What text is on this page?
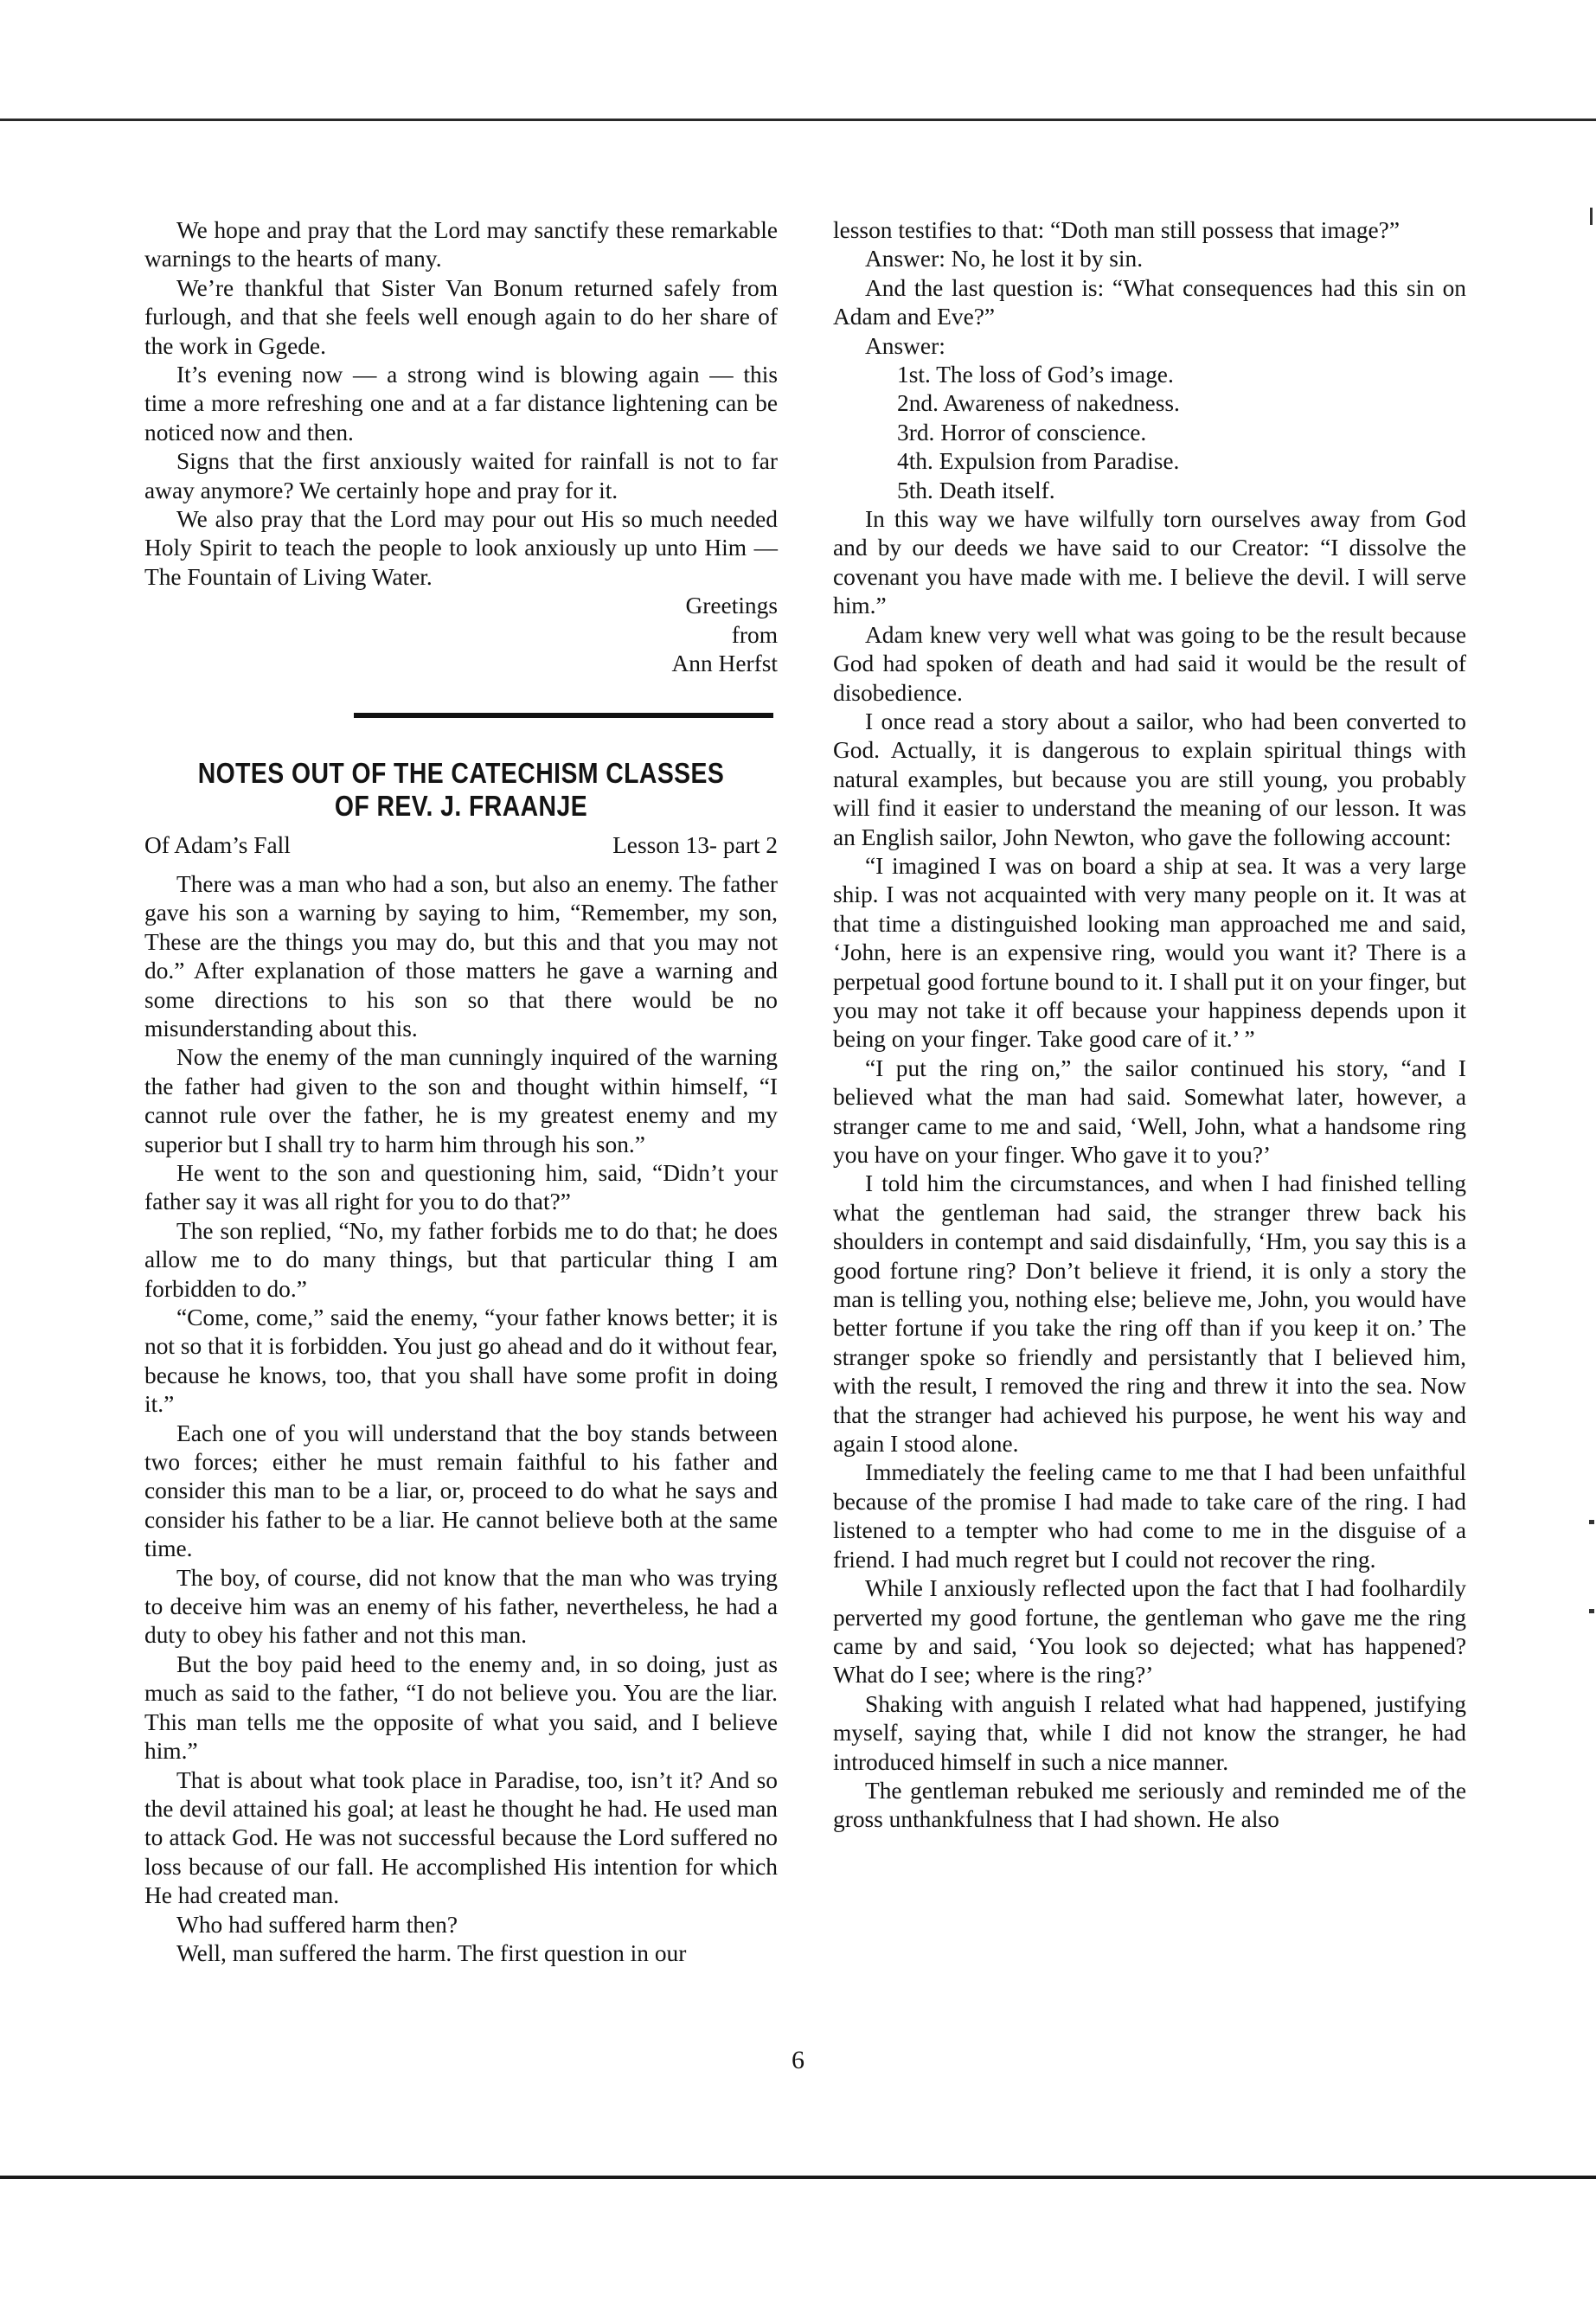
We hope and pray that the Lord may sanctify these remarkable warnings to the hearts of many.

We’re thankful that Sister Van Bonum returned safely from furlough, and that she feels well enough again to do her share of the work in Ggede.

It’s evening now — a strong wind is blowing again — this time a more refreshing one and at a far distance lightening can be noticed now and then.

Signs that the first anxiously waited for rainfall is not to far away anymore? We certainly hope and pray for it.

We also pray that the Lord may pour out His so much needed Holy Spirit to teach the people to look anxiously up unto Him — The Fountain of Living Water.

Greetings

from

Ann Herfst

NOTES OUT OF THE CATECHISM CLASSES
OF REV. J. FRAANJE
Of Adam’s Fall	Lesson 13- part 2

There was a man who had a son, but also an enemy. The father gave his son a warning by saying to him, “Remember, my son, These are the things you may do, but this and that you may not do.” After explanation of those matters he gave a warning and some directions to his son so that there would be no misunderstanding about this.

Now the enemy of the man cunningly inquired of the warning the father had given to the son and thought within himself, “I cannot rule over the father, he is my greatest enemy and my superior but I shall try to harm him through his son.”

He went to the son and questioning him, said, “Didn’t your father say it was all right for you to do that?”

The son replied, “No, my father forbids me to do that; he does allow me to do many things, but that particular thing I am forbidden to do.”

“Come, come,” said the enemy, “your father knows better; it is not so that it is forbidden. You just go ahead and do it without fear, because he knows, too, that you shall have some profit in doing it.”

Each one of you will understand that the boy stands between two forces; either he must remain faithful to his father and consider this man to be a liar, or, proceed to do what he says and consider his father to be a liar. He cannot believe both at the same time.

The boy, of course, did not know that the man who was trying to deceive him was an enemy of his father, nevertheless, he had a duty to obey his father and not this man.

But the boy paid heed to the enemy and, in so doing, just as much as said to the father, “I do not believe you. You are the liar. This man tells me the opposite of what you said, and I believe him.”

That is about what took place in Paradise, too, isn’t it? And so the devil attained his goal; at least he thought he had. He used man to attack God. He was not successful because the Lord suffered no loss because of our fall. He accomplished His intention for which He had created man.

Who had suffered harm then?

Well, man suffered the harm. The first question in our

lesson testifies to that: “Doth man still possess that image?”

Answer: No, he lost it by sin.

And the last question is: “What consequences had this sin on Adam and Eve?”

Answer:

1st. The loss of God’s image.

2nd. Awareness of nakedness.

3rd. Horror of conscience.

4th. Expulsion from Paradise.

5th. Death itself.

In this way we have wilfully torn ourselves away from God and by our deeds we have said to our Creator: “I dissolve the covenant you have made with me. I believe the devil. I will serve him.”

Adam knew very well what was going to be the result because God had spoken of death and had said it would be the result of disobedience.

I once read a story about a sailor, who had been converted to God. Actually, it is dangerous to explain spiritual things with natural examples, but because you are still young, you probably will find it easier to understand the meaning of our lesson. It was an English sailor, John Newton, who gave the following account:

“I imagined I was on board a ship at sea. It was a very large ship. I was not acquainted with very many people on it. It was at that time a distinguished looking man approached me and said, ‘John, here is an expensive ring, would you want it? There is a perpetual good fortune bound to it. I shall put it on your finger, but you may not take it off because your happiness depends upon it being on your finger. Take good care of it.’ ”

“I put the ring on,” the sailor continued his story, “and I believed what the man had said. Somewhat later, however, a stranger came to me and said, ‘Well, John, what a handsome ring you have on your finger. Who gave it to you?’

I told him the circumstances, and when I had finished telling what the gentleman had said, the stranger threw back his shoulders in contempt and said disdainfully, ‘Hm, you say this is a good fortune ring? Don’t believe it friend, it is only a story the man is telling you, nothing else; believe me, John, you would have better fortune if you take the ring off than if you keep it on.’ The stranger spoke so friendly and persistantly that I believed him, with the result, I removed the ring and threw it into the sea. Now that the stranger had achieved his purpose, he went his way and again I stood alone.

Immediately the feeling came to me that I had been unfaithful because of the promise I had made to take care of the ring. I had listened to a tempter who had come to me in the disguise of a friend. I had much regret but I could not recover the ring.

While I anxiously reflected upon the fact that I had foolhardily perverted my good fortune, the gentleman who gave me the ring came by and said, ‘You look so dejected; what has happened? What do I see; where is the ring?’

Shaking with anguish I related what had happened, justifying myself, saying that, while I did not know the stranger, he had introduced himself in such a nice manner.

The gentleman rebuked me seriously and reminded me of the gross unthankfulness that I had shown. He also

6
